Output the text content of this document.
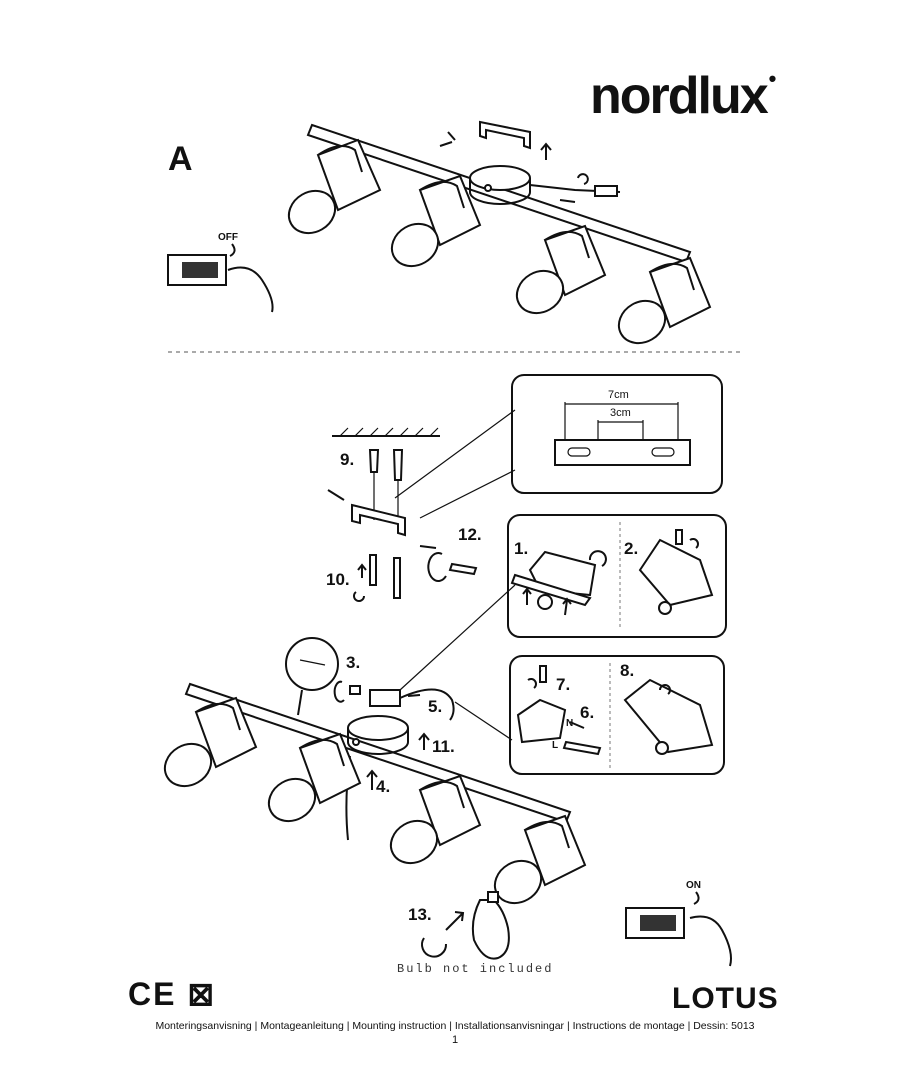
nordlux•
A
OFF
7cm
3cm
9.
10.
12.
1.	2.
7.
6.
8.
N
L
3.
5.
11.
4.
13.
ON
Bulb not included
CE ⊠	LOTUS
Monteringsanvisning | Montageanleitung | Mounting instruction | Installationsanvisningar | Instructions de montage | Dessin: 5013
1
